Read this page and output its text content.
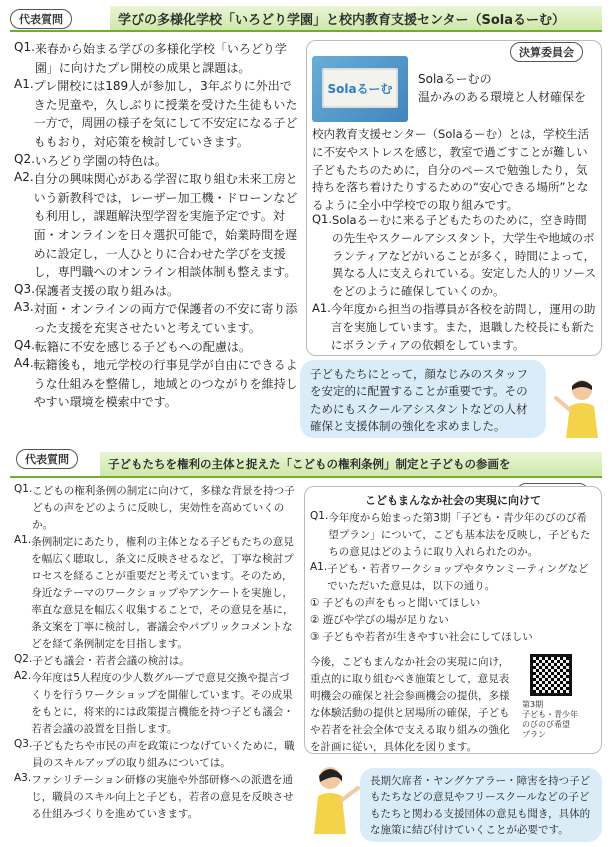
学びの多様化学校「いろどり学園」と校内教育支援センター（Solaるーむ）
代表質問
Q1. 来春から始まる学びの多様化学校「いろどり学園」に向けたプレ開校の成果と課題は。
A1. プレ開校には189人が参加し，3年ぶりに外出できた児童や，久しぶりに授業を受けた生徒もいた一方で，周囲の様子を気にして不安定になる子どももおり，対応策を検討していきます。
Q2. いろどり学園の特色は。
A2. 自分の興味関心がある学習に取り組む未来工房という新教科では，レーザー加工機・ドローンなども利用し，課題解決型学習を実施予定です。対面・オンラインを日々選択可能で，始業時間を遅めに設定し，一人ひとりに合わせた学びを支援し，専門職へのオンライン相談体制も整えます。
Q3. 保護者支援の取り組みは。
A3. 対面・オンラインの両方で保護者の不安に寄り添った支援を充実させたいと考えています。
Q4. 転籍に不安を感じる子どもへの配慮は。
A4. 転籍後も，地元学校の行事見学が自由にできるような仕組みを整備し，地域とのつながりを維持しやすい環境を模索中です。
決算委員会
Solaるーむ
Solaるーむの
温かみのある環境と人材確保を
校内教育支援センター（Solaるーむ）とは，学校生活に不安やストレスを感じ，教室で過ごすことが難しい子どもたちのために，自分のペースで勉強したり，気持ちを落ち着けたりするための“安心できる場所”となるように全小中学校での取り組みです。
Q1. Solaるーむに来る子どもたちのために，空き時間の先生やスクールアシスタント，大学生や地域のボランティアなどがいることが多く，時間によって，異なる人に支えられている。安定した人的リソースをどのように確保していくのか。
A1. 今年度から担当の指導員が各校を訪問し，運用の助言を実施しています。また，退職した校長にも新たにボランティアの依頼をしています。
子どもたちにとって，顔なじみのスタッフを安定的に配置することが重要です。そのためにもスクールアシスタントなどの人材確保と支援体制の強化を求めました。
子どもたちを権利の主体と捉えた「こどもの権利条例」制定と子どもの参画を
代表質問
Q1. こどもの権利条例の制定に向けて，多様な背景を持つ子どもの声をどのように反映し，実効性を高めていくのか。
A1. 条例制定にあたり，権利の主体となる子どもたちの意見を幅広く聴取し，条文に反映させるなど，丁寧な検討プロセスを経ることが重要だと考えています。そのため，身近なテーマのワークショップやアンケートを実施し，率直な意見を幅広く収集することで，その意見を基に，条文案を丁寧に検討し，審議会やパブリックコメントなどを経て条例制定を目指します。
Q2. 子ども議会・若者会議の検討は。
A2. 今年度は5人程度の少人数グループで意見交換や提言づくりを行うワークショップを開催しています。その成果をもとに，将来的には政策提言機能を持つ子ども議会・若者会議の設置を目指します。
Q3. 子どもたちや市民の声を政策につなげていくために，職員のスキルアップの取り組みについては。
A3. ファシリテーション研修の実施や外部研修への派遣を通じ，職員のスキル向上と子ども，若者の意見を反映させる仕組みづくりを進めていきます。
こどもまんなか社会の実現に向けて
Q1. 今年度から始まった第3期「子ども・青少年のびのび希望プラン」について，こども基本法を反映し，子どもたちの意見はどのように取り入れられたのか。
A1. 子ども・若者ワークショップやタウンミーティングなどでいただいた意見は，以下の通り。
① 子どもの声をもっと聞いてほしい
② 遊びや学びの場が足りない
③ 子どもや若者が生きやすい社会にしてほしい
今後，こどもまんなか社会の実現に向け，重点的に取り組むべき施策として，意見表明機会の確保と社会参画機会の提供，多様な体験活動の提供と居場所の確保，子どもや若者を社会全体で支える取り組みの強化を計画に従い，具体化を図ります。
第3期
子ども・青少年
のびのび希望
プラン
長期欠席者・ヤングケアラー・障害を持つ子どもたちなどの意見やフリースクールなどの子どもたちと関わる支援団体の意見も聞き，具体的な施策に結び付けていくことが必要です。
